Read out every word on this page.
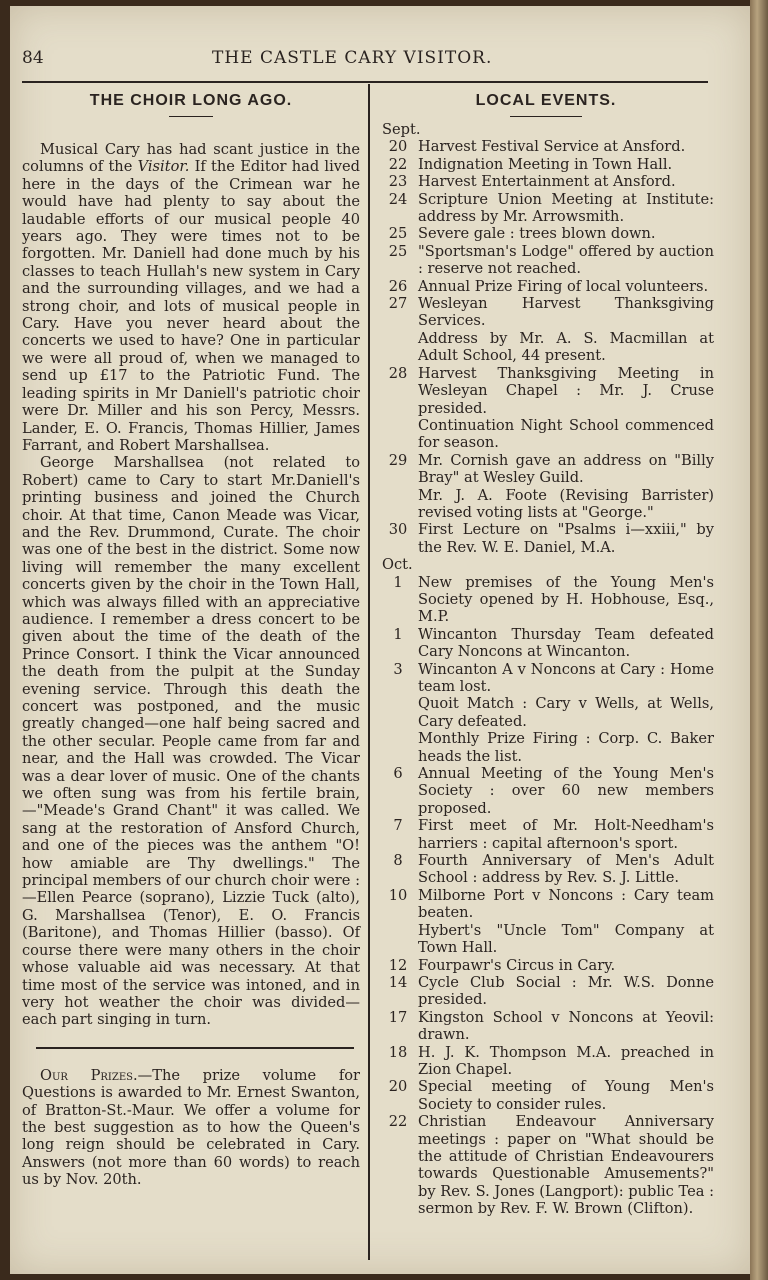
84	THE CASTLE CARY VISITOR.
THE CHOIR LONG AGO.

Musical Cary has had scant justice in the columns of the Visitor. If the Editor had lived here in the days of the Crimean war he would have had plenty to say about the laudable efforts of our musical people 40 years ago. They were times not to be forgotten. Mr. Daniell had done much by his classes to teach Hullah's new system in Cary and the surrounding villages, and we had a strong choir, and lots of musical people in Cary. Have you never heard about the concerts we used to have? One in particular we were all proud of, when we managed to send up £17 to the Patriotic Fund. The leading spirits in Mr Daniell's patriotic choir were Dr. Miller and his son Percy, Messrs. Lander, E. O. Francis, Thomas Hillier, James Farrant, and Robert Marshallsea.

George Marshallsea (not related to Robert) came to Cary to start Mr.Daniell's printing business and joined the Church choir. At that time, Canon Meade was Vicar, and the Rev. Drummond, Curate. The choir was one of the best in the district. Some now living will remember the many excellent concerts given by the choir in the Town Hall, which was always filled with an appreciative audience. I remember a dress concert to be given about the time of the death of the Prince Consort. I think the Vicar announced the death from the pulpit at the Sunday evening service. Through this death the concert was postponed, and the music greatly changed—one half being sacred and the other secular. People came from far and near, and the Hall was crowded. The Vicar was a dear lover of music. One of the chants we often sung was from his fertile brain,—"Meade's Grand Chant" it was called. We sang at the restoration of Ansford Church, and one of the pieces was the anthem "O! how amiable are Thy dwellings." The principal members of our church choir were :—Ellen Pearce (soprano), Lizzie Tuck (alto), G. Marshallsea (Tenor), E. O. Francis (Baritone), and Thomas Hillier (basso). Of course there were many others in the choir whose valuable aid was necessary. At that time most of the service was intoned, and in very hot weather the choir was divided—each part singing in turn.

Our Prizes.—The prize volume for Questions is awarded to Mr. Ernest Swanton, of Bratton-St.-Maur. We offer a volume for the best suggestion as to how the Queen's long reign should be celebrated in Cary. Answers (not more than 60 words) to reach us by Nov. 20th.

LOCAL EVENTS.
Sept.
20 Harvest Festival Service at Ansford.

22 Indignation Meeting in Town Hall.

23 Harvest Entertainment at Ansford.

24 Scripture Union Meeting at Institute: address by Mr. Arrowsmith.

25 Severe gale : trees blown down.

25 "Sportsman's Lodge" offered by auction : reserve not reached.

26 Annual Prize Firing of local volunteers.

27 Wesleyan Harvest Thanksgiving Services.

Address by Mr. A. S. Macmillan at Adult School, 44 present.

28 Harvest Thanksgiving Meeting in Wesleyan Chapel : Mr. J. Cruse presided.

Continuation Night School commenced for season.

29 Mr. Cornish gave an address on "Billy Bray" at Wesley Guild.

Mr. J. A. Foote (Revising Barrister) revised voting lists at "George."

30 First Lecture on "Psalms i—xxiii," by the Rev. W. E. Daniel, M.A.

Oct.
1	New premises of the Young Men's Society opened by H. Hobhouse, Esq., M.P.

1	Wincanton Thursday Team defeated Cary Noncons at Wincanton.

3	Wincanton A v Noncons at Cary : Home team lost.

Quoit Match : Cary v Wells, at Wells, Cary defeated.

Monthly Prize Firing : Corp. C. Baker heads the list.

6	Annual Meeting of the Young Men's Society : over 60 new members proposed.

7	First meet of Mr. Holt-Needham's harriers : capital afternoon's sport.

8	Fourth Anniversary of Men's Adult School : address by Rev. S. J. Little.

10 Milborne Port v Noncons : Cary team beaten.

Hybert's "Uncle Tom" Company at Town Hall.

12 Fourpawr's Circus in Cary.

14 Cycle Club Social : Mr. W.S. Donne presided.

17 Kingston School v Noncons at Yeovil: drawn.

18 H. J. K. Thompson M.A. preached in Zion Chapel.

20 Special meeting of Young Men's Society to consider rules.

22 Christian Endeavour Anniversary meetings : paper on "What should be the attitude of Christian Endeavourers towards Questionable Amusements?" by Rev. S. Jones (Langport): public Tea : sermon by Rev. F. W. Brown (Clifton).
